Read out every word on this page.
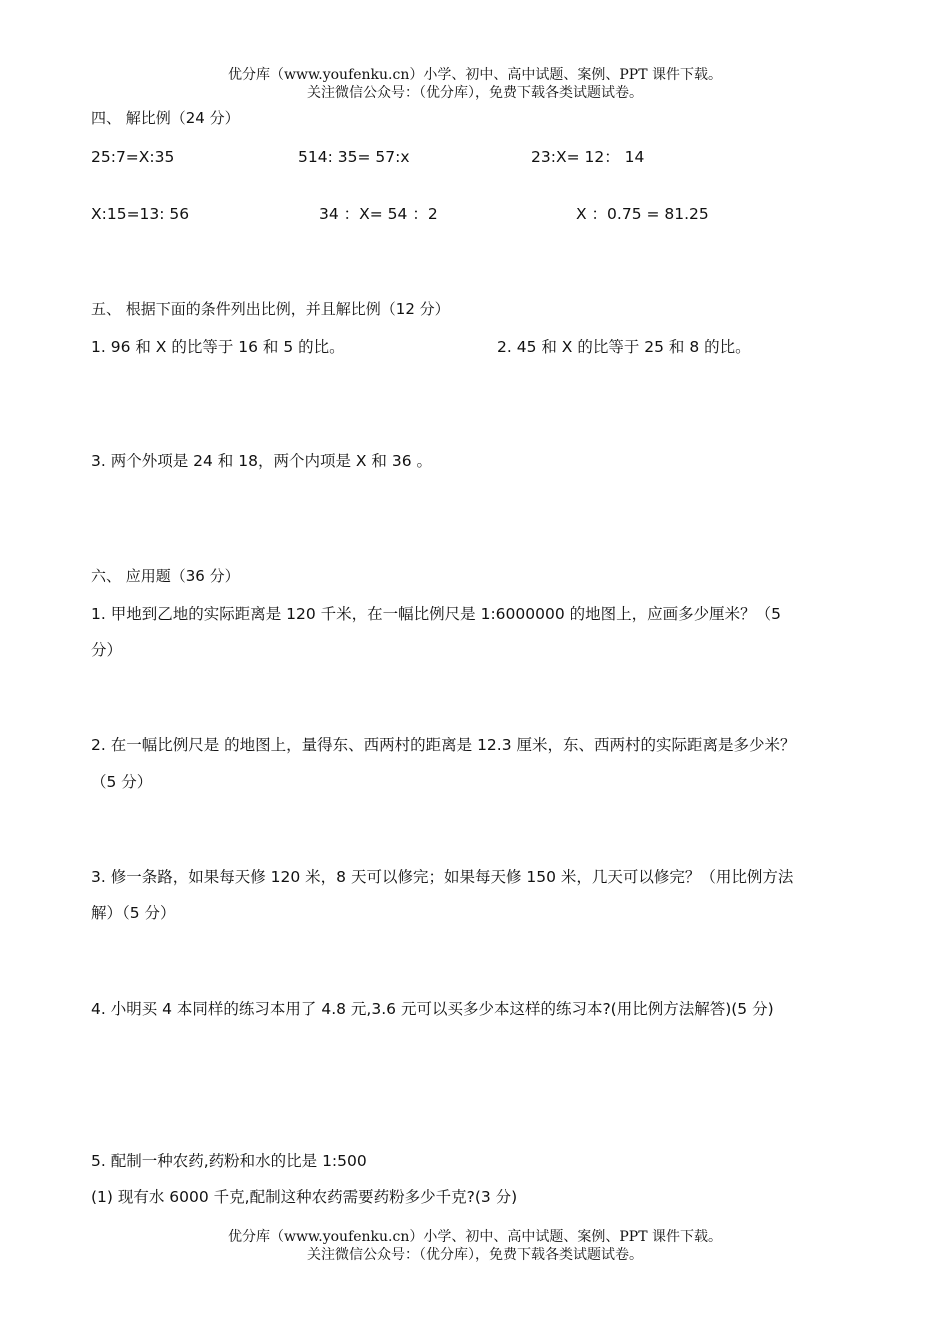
优分库（www.youfenku.cn）小学、初中、高中试题、案例、PPT 课件下载。
关注微信公众号：（优分库），免费下载各类试题试卷。
四、 解比例（24 分）
25:7=X:35	514: 35= 57:x	23:X= 12： 14
X:15=13: 56	34 ：X= 54 ：2	X ：0.75 = 81.25
五、 根据下面的条件列出比例，并且解比例（12 分）
1. 96 和 X 的比等于 16 和 5 的比。	2. 45 和 X 的比等于 25 和 8 的比。
3. 两个外项是 24 和 18，两个内项是 X 和 36 。
六、 应用题（36 分）
1. 甲地到乙地的实际距离是 120 千米，在一幅比例尺是 1:6000000 的地图上，应画多少厘米？（5
分）
2. 在一幅比例尺是 的地图上，量得东、西两村的距离是 12.3 厘米，东、西两村的实际距离是多少米？
（5 分）
3. 修一条路，如果每天修 120 米，8 天可以修完；如果每天修 150 米，几天可以修完？（用比例方法
解）（5 分）
4. 小明买 4 本同样的练习本用了 4.8 元,3.6 元可以买多少本这样的练习本?(用比例方法解答)(5 分)
5. 配制一种农药,药粉和水的比是 1:500
(1) 现有水 6000 千克,配制这种农药需要药粉多少千克?(3 分)
优分库（www.youfenku.cn）小学、初中、高中试题、案例、PPT 课件下载。
关注微信公众号：（优分库），免费下载各类试题试卷。
